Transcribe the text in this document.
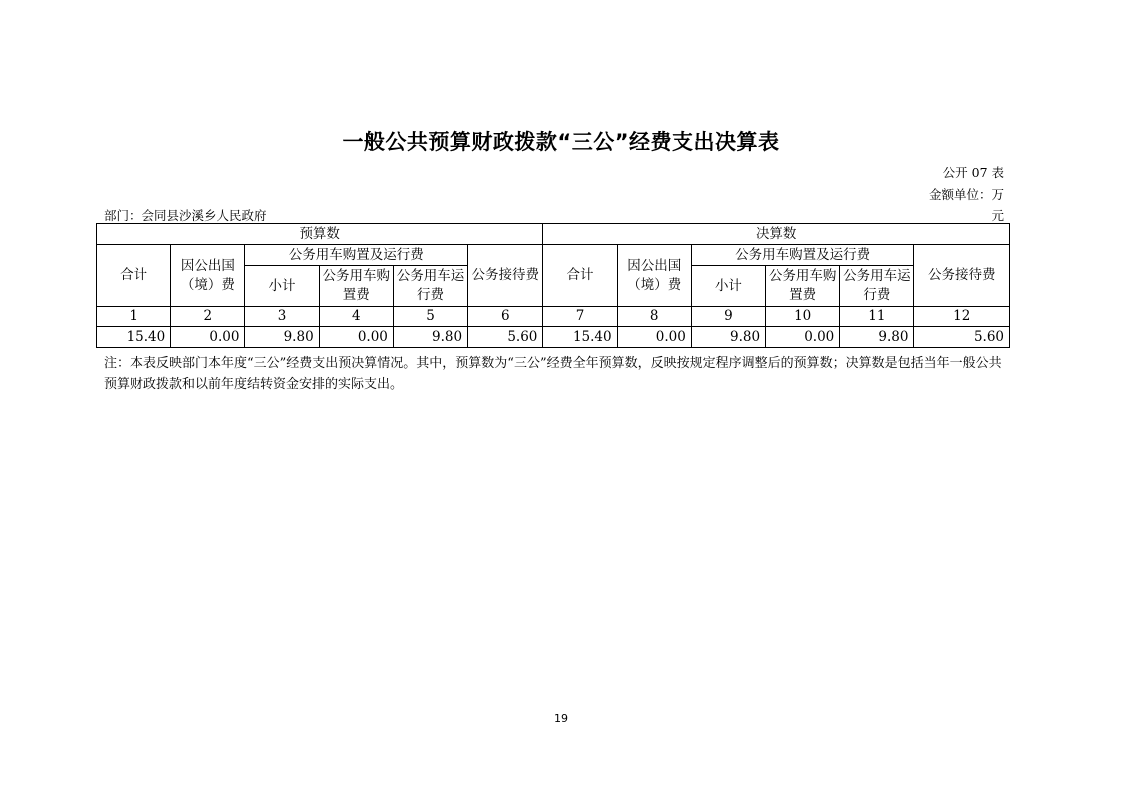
一般公共预算财政拨款“三公”经费支出决算表
公开 07 表
金额单位：万
元
部门：会同县沙溪乡人民政府
预算数						决算数					
合计	因公出国（境）费	公务用车购置及运行费			公务接待费	合计	因公出国（境）费	公务用车购置及运行费			公务接待费
		小计	公务用车购置费	公务用车运行费				小计	公务用车购置费	公务用车运行费	
1	2	3	4	5	6	7	8	9	10	11	12
15.40	0.00	9.80	0.00	9.80	5.60	15.40	0.00	9.80	0.00	9.80	5.60
注：本表反映部门本年度“三公”经费支出预决算情况。其中，预算数为“三公”经费全年预算数，反映按规定程序调整后的预算数；决算数是包括当年一般公共预算财政拨款和以前年度结转资金安排的实际支出。
19
